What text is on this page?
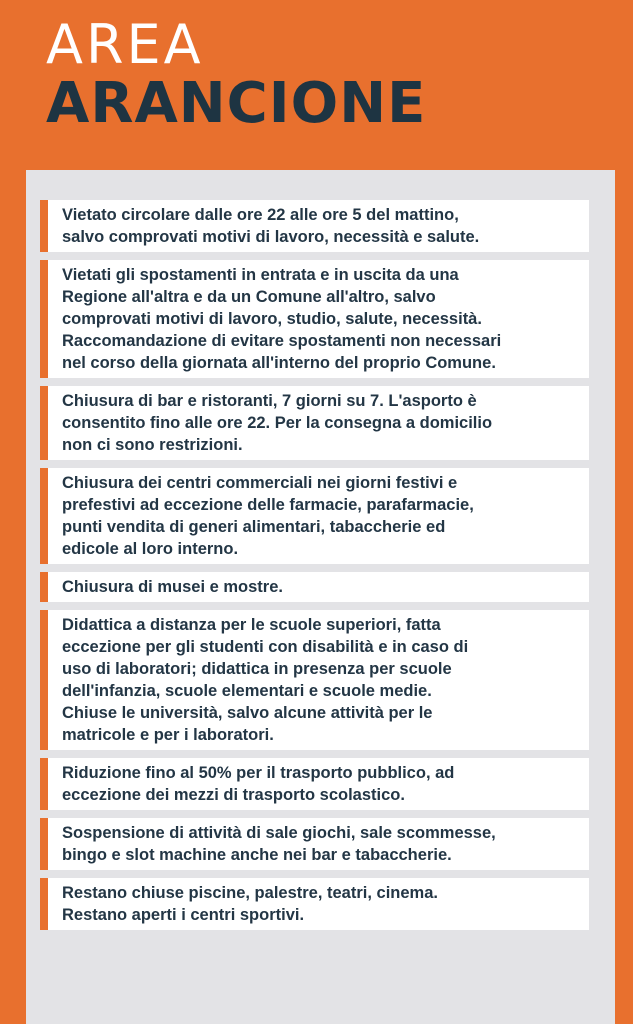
AREA
ARANCIONE
Vietato circolare dalle ore 22 alle ore 5 del mattino,
salvo comprovati motivi di lavoro, necessità e salute.
Vietati gli spostamenti in entrata e in uscita da una
Regione all'altra e da un Comune all'altro, salvo
comprovati motivi di lavoro, studio, salute, necessità.
Raccomandazione di evitare spostamenti non necessari
nel corso della giornata all'interno del proprio Comune.
Chiusura di bar e ristoranti, 7 giorni su 7. L'asporto è
consentito fino alle ore 22. Per la consegna a domicilio
non ci sono restrizioni.
Chiusura dei centri commerciali nei giorni festivi e
prefestivi ad eccezione delle farmacie, parafarmacie,
punti vendita di generi alimentari, tabaccherie ed
edicole al loro interno.
Chiusura di musei e mostre.
Didattica a distanza per le scuole superiori, fatta
eccezione per gli studenti con disabilità e in caso di
uso di laboratori; didattica in presenza per scuole
dell'infanzia, scuole elementari e scuole medie.
Chiuse le università, salvo alcune attività per le
matricole e per i laboratori.
Riduzione fino al 50% per il trasporto pubblico, ad
eccezione dei mezzi di trasporto scolastico.
Sospensione di attività di sale giochi, sale scommesse,
bingo e slot machine anche nei bar e tabaccherie.
Restano chiuse piscine, palestre, teatri, cinema.
Restano aperti i centri sportivi.
